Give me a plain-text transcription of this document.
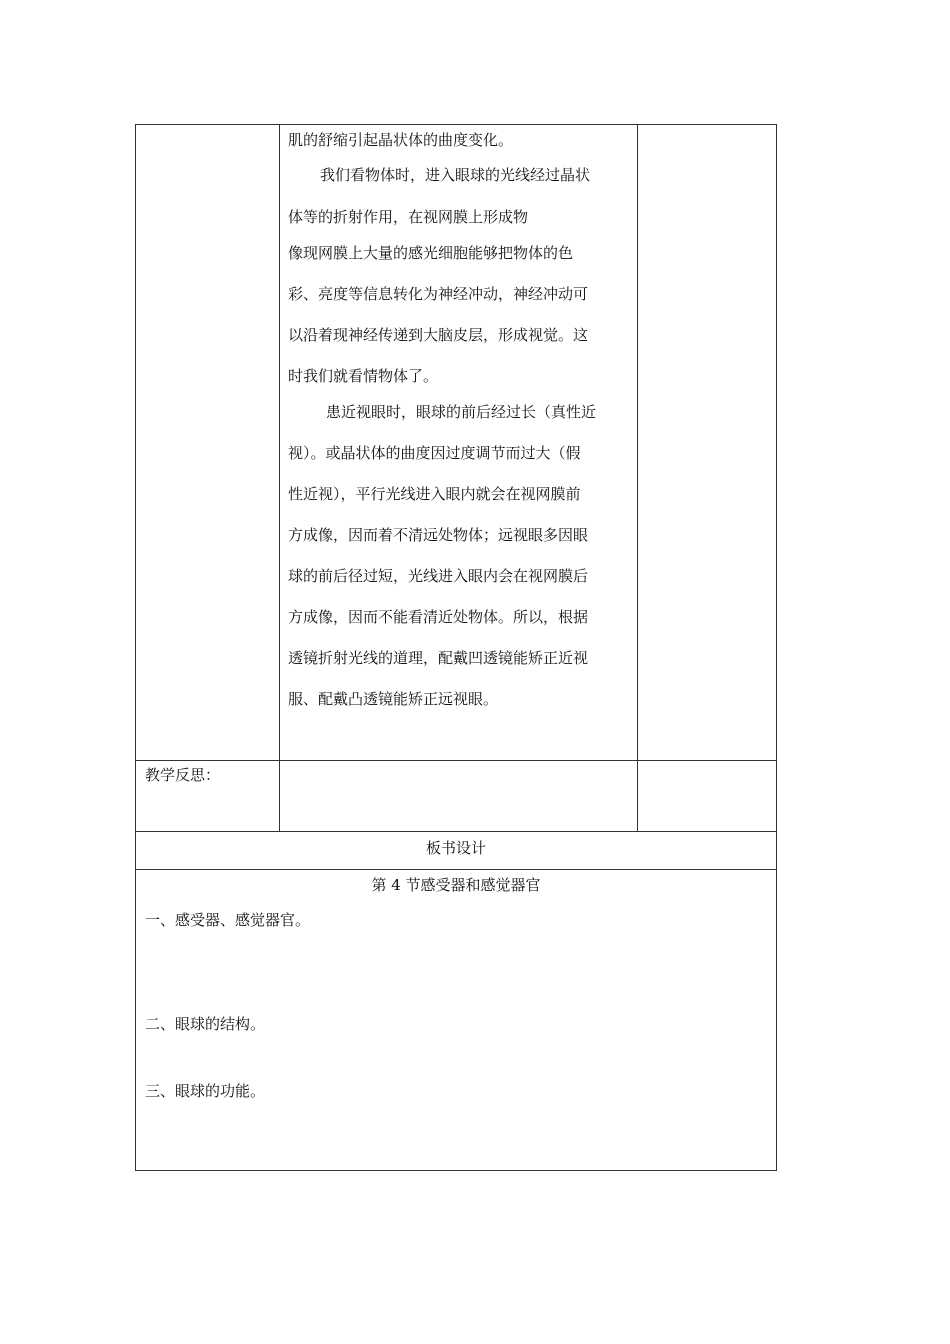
肌的舒缩引起晶状体的曲度变化。
我们看物体时，进入眼球的光线经过晶状
体等的折射作用，在视网膜上形成物
像现网膜上大量的感光细胞能够把物体的色
彩、亮度等信息转化为神经冲动，神经冲动可
以沿着现神经传递到大脑皮层，形成视觉。这
时我们就看情物体了。
患近视眼时，眼球的前后经过长（真性近
视）。或晶状体的曲度因过度调节而过大（假
性近视），平行光线进入眼内就会在视网膜前
方成像，因而着不清远处物体；远视眼多因眼
球的前后径过短，光线进入眼内会在视网膜后
方成像，因而不能看清近处物体。所以，根据
透镜折射光线的道理，配戴凹透镜能矫正近视
服、配戴凸透镜能矫正远视眼。
教学反思：
板书设计
第 4 节感受器和感觉器官
一、感受器、感觉器官。
二、眼球的结构。
三、眼球的功能。
